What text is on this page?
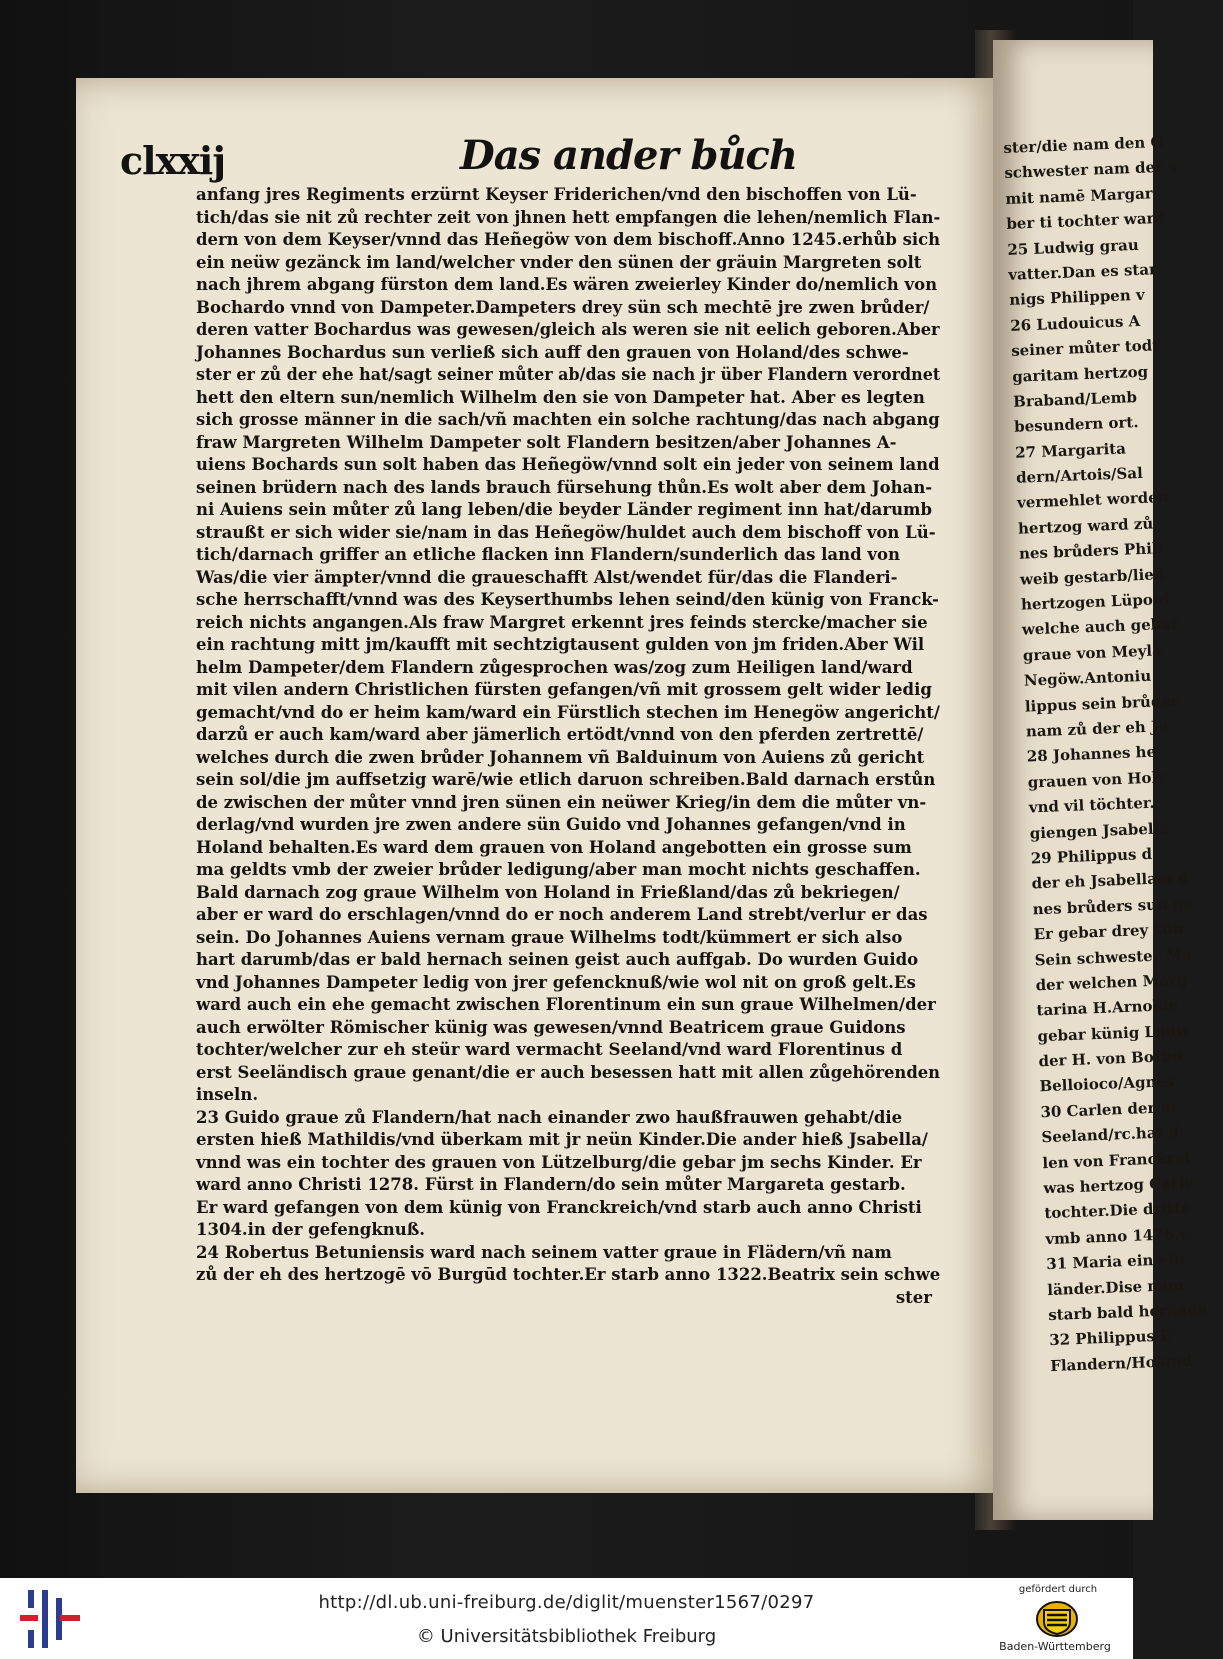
clxxij	Das ander bůch
anfang jres Regiments erzürnt Keyser Friderichen/vnd den bischoffen von Lü-
tich/das sie nit zů rechter zeit von jhnen hett empfangen die lehen/nemlich Flan-
dern von dem Keyser/vnnd das Heñegöw von dem bischoff.Anno 1245.erhůb sich
ein neüw gezänck im land/welcher vnder den sünen der gräuin Margreten solt
nach jhrem abgang fürston dem land.Es wären zweierley Kinder do/nemlich von
Bochardo vnnd von Dampeter.Dampeters drey sün sch mechtē jre zwen brůder/
deren vatter Bochardus was gewesen/gleich als weren sie nit eelich geboren.Aber
Johannes Bochardus sun verließ sich auff den grauen von Holand/des schwe-
ster er zů der ehe hat/sagt seiner můter ab/das sie nach jr über Flandern verordnet
hett den eltern sun/nemlich Wilhelm den sie von Dampeter hat. Aber es legten
sich grosse männer in die sach/vñ machten ein solche rachtung/das nach abgang
fraw Margreten Wilhelm Dampeter solt Flandern besitzen/aber Johannes A-
uiens Bochards sun solt haben das Heñegöw/vnnd solt ein jeder von seinem land
seinen brüdern nach des lands brauch fürsehung thůn.Es wolt aber dem Johan-
ni Auiens sein můter zů lang leben/die beyder Länder regiment inn hat/darumb
straußt er sich wider sie/nam in das Heñegöw/huldet auch dem bischoff von Lü-
tich/darnach griffer an etliche flacken inn Flandern/sunderlich das land von
Was/die vier ämpter/vnnd die graueschafft Alst/wendet für/das die Flanderi-
sche herrschafft/vnnd was des Keyserthumbs lehen seind/den künig von Franck-
reich nichts angangen.Als fraw Margret erkennt jres feinds stercke/macher sie
ein rachtung mitt jm/kaufft mit sechtzigtausent gulden von jm friden.Aber Wil
helm Dampeter/dem Flandern zůgesprochen was/zog zum Heiligen land/ward
mit vilen andern Christlichen fürsten gefangen/vñ mit grossem gelt wider ledig
gemacht/vnd do er heim kam/ward ein Fürstlich stechen im Henegöw angericht/
darzů er auch kam/ward aber jämerlich ertödt/vnnd von den pferden zertrettē/
welches durch die zwen brůder Johannem vñ Balduinum von Auiens zů gericht
sein sol/die jm auffsetzig warē/wie etlich daruon schreiben.Bald darnach erstůn
de zwischen der můter vnnd jren sünen ein neüwer Krieg/in dem die můter vn-
derlag/vnd wurden jre zwen andere sün Guido vnd Johannes gefangen/vnd in
Holand behalten.Es ward dem grauen von Holand angebotten ein grosse sum
ma geldts vmb der zweier brůder ledigung/aber man mocht nichts geschaffen.
Bald darnach zog graue Wilhelm von Holand in Frießland/das zů bekriegen/
aber er ward do erschlagen/vnnd do er noch anderem Land strebt/verlur er das
sein. Do Johannes Auiens vernam graue Wilhelms todt/kümmert er sich also
hart darumb/das er bald hernach seinen geist auch auffgab. Do wurden Guido
vnd Johannes Dampeter ledig von jrer gefencknuß/wie wol nit on groß gelt.Es
ward auch ein ehe gemacht zwischen Florentinum ein sun graue Wilhelmen/der
auch erwölter Römischer künig was gewesen/vnnd Beatricem graue Guidons
tochter/welcher zur eh steür ward vermacht Seeland/vnd ward Florentinus d
erst Seeländisch graue genant/die er auch besessen hatt mit allen zůgehörenden
inseln.
23 Guido graue zů Flandern/hat nach einander zwo haußfrauwen gehabt/die
ersten hieß Mathildis/vnd überkam mit jr neün Kinder.Die ander hieß Jsabella/
vnnd was ein tochter des grauen von Lützelburg/die gebar jm sechs Kinder. Er
ward anno Christi 1278. Fürst in Flandern/do sein můter Margareta gestarb.
Er ward gefangen von dem künig von Franckreich/vnd starb auch anno Christi
1304.in der gefengknuß.
24 Robertus Betuniensis ward nach seinem vatter graue in Flädern/vñ nam
zů der eh des hertzogē vō Burgūd tochter.Er starb anno 1322.Beatrix sein schwe
ster
ster/die nam den G
schwester nam der s
mit namē Margar
ber ti tochter ward
25 Ludwig grau
vatter.Dan es star
nigs Philippen v
26 Ludouicus A
seiner můter todt
garitam hertzog
Braband/Lemb
besundern ort.
27 Margarita
dern/Artois/Sal
vermehlet worden
hertzog ward zů
nes brůders Phili
weib gestarb/ließ
hertzogen Lüpold
welche auch gebar
graue von Meyla
Negöw.Antoniu
lippus sein brůder
nam zů der eh Jo
28 Johannes he
grauen von Hola
vnd vil töchter.
giengen Jsabella
29 Philippus d
der eh Jsabellam d
nes brůders sun ge
Er gebar drey sün
Sein schwester Ma
der welchen Marg
tarina H.Arnolde
gebar künig Ludw
der H. von Borbo
Belloioco/Agnes
30 Carlen der m
Seeland/rc.hat d
len von Franckrei
was hertzog Carle
tochter.Die dritte
vmb anno 1476.v
31 Maria ein ein
länder.Dise nam
starb bald hernach
32 Philippus E
Flandern/Holand
http://dl.ub.uni-freiburg.de/diglit/muenster1567/0297
© Universitätsbibliothek Freiburg
gefördert durch
Baden-Württemberg
